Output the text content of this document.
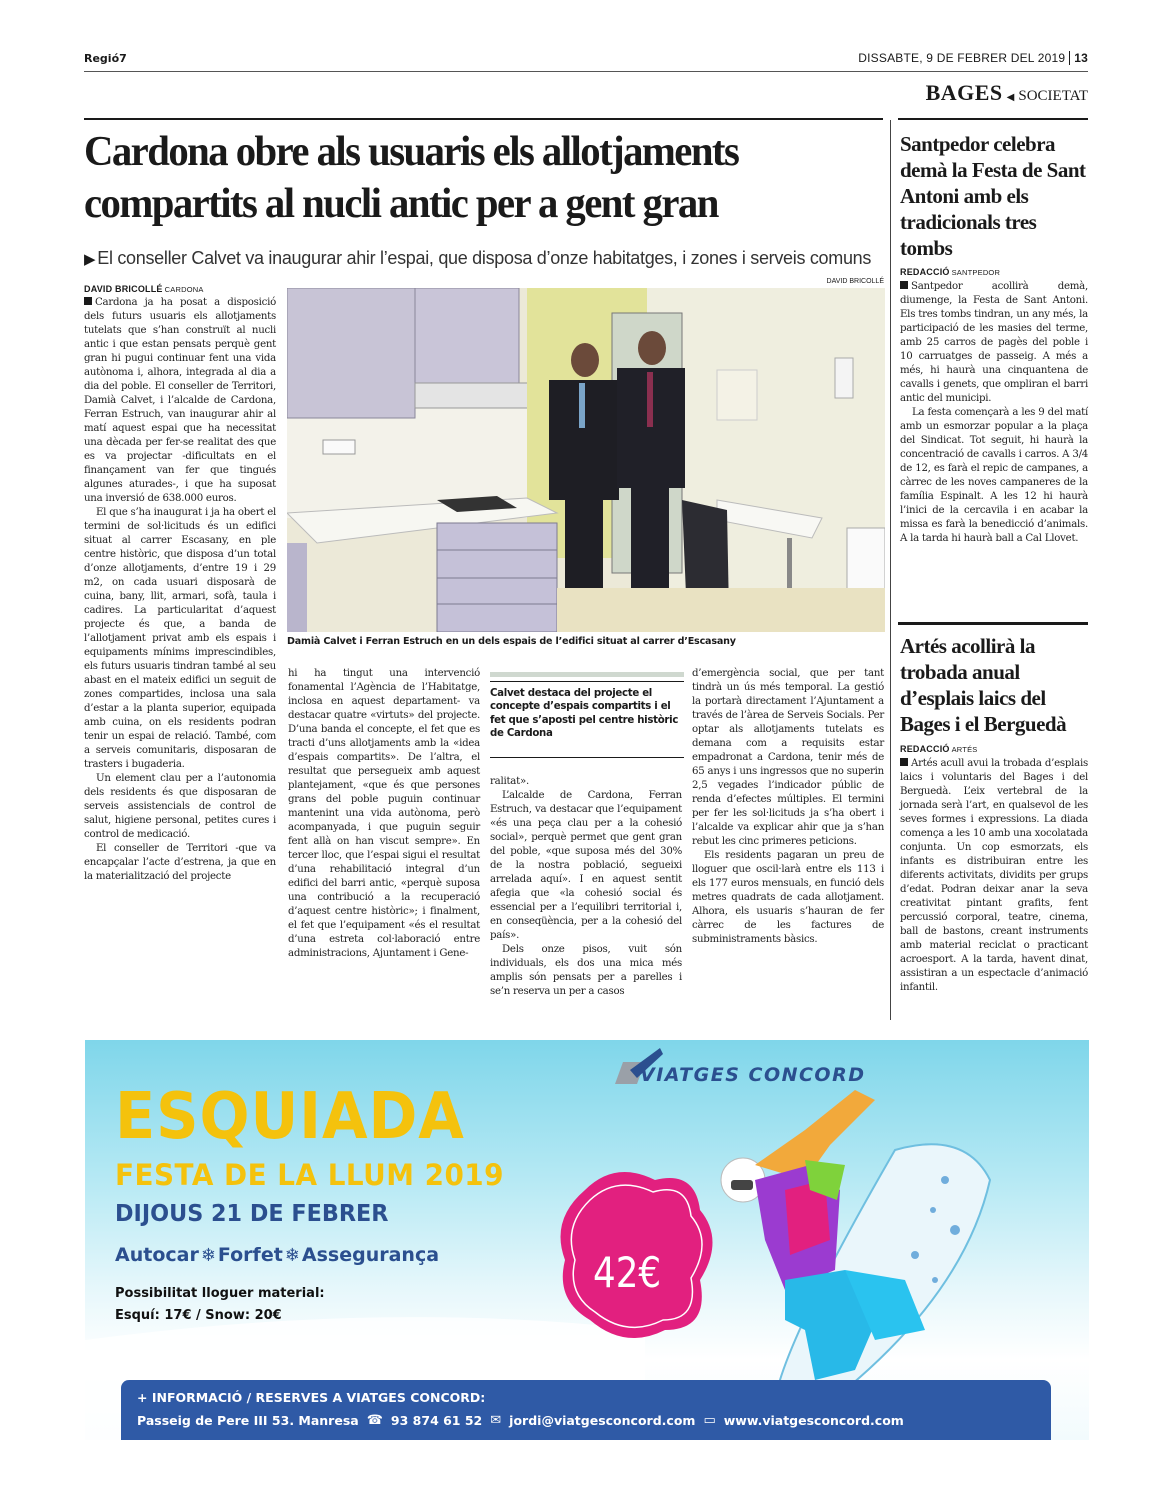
Regió7	DISSABTE, 9 DE FEBRER DEL 2019 13
BAGES ◀ SOCIETAT
Cardona obre als usuaris els allotjaments compartits al nucli antic per a gent gran
▶ El conseller Calvet va inaugurar ahir l’espai, que disposa d’onze habitatges, i zones i serveis comuns
DAVID BRICOLLÉ CARDONA

Cardona ja ha posat a disposició dels futurs usuaris els allotjaments tutelats que s’han construït al nucli antic i que estan pensats perquè gent gran hi pugui continuar fent una vida autònoma i, alhora, integrada al dia a dia del poble. El conseller de Territori, Damià Calvet, i l’alcalde de Cardona, Ferran Estruch, van inaugurar ahir al matí aquest espai que ha necessitat una dècada per fer-se realitat des que es va projectar -dificultats en el finançament van fer que tingués algunes aturades-, i que ha suposat una inversió de 638.000 euros.

El que s’ha inaugurat i ja ha obert el termini de sol·licituds és un edifici situat al carrer Escasany, en ple centre històric, que disposa d’un total d’onze allotjaments, d’entre 19 i 29 m2, on cada usuari disposarà de cuina, bany, llit, armari, sofà, taula i cadires. La particularitat d’aquest projecte és que, a banda de l’allotjament privat amb els espais i equipaments mínims imprescindibles, els futurs usuaris tindran també al seu abast en el mateix edifici un seguit de zones compartides, inclosa una sala d’estar a la planta superior, equipada amb cuina, on els residents podran tenir un espai de relació. També, com a serveis comunitaris, disposaran de trasters i bugaderia.

Un element clau per a l’autonomia dels residents és que disposaran de serveis assistencials de control de salut, higiene personal, petites cures i control de medicació.

El conseller de Territori -que va encapçalar l’acte d’estrena, ja que en la materialització del projecte

DAVID BRICOLLÉ
Damià Calvet i Ferran Estruch en un dels espais de l’edifici situat al carrer d’Escasany

hi ha tingut una intervenció fonamental l’Agència de l’Habitatge, inclosa en aquest departament- va destacar quatre «virtuts» del projecte. D’una banda el concepte, el fet que es tracti d’uns allotjaments amb la «idea d’espais compartits». De l’altra, el resultat que persegueix amb aquest plantejament, «que és que persones grans del poble puguin continuar mantenint una vida autònoma, però acompanyada, i que puguin seguir fent allà on han viscut sempre». En tercer lloc, que l’espai sigui el resultat d’una rehabilitació integral d’un edifici del barri antic, «perquè suposa una contribució a la recuperació d’aquest centre històric»; i finalment, el fet que l’equipament «és el resultat d’una estreta col·laboració entre administracions, Ajuntament i Gene-

Calvet destaca del projecte el concepte d’espais compartits i el fet que s’aposti pel centre històric de Cardona

ralitat».

L’alcalde de Cardona, Ferran Estruch, va destacar que l’equipament «és una peça clau per a la cohesió social», perquè permet que gent gran del poble, «que suposa més del 30% de la nostra població, segueixi arrelada aquí». I en aquest sentit afegia que «la cohesió social és essencial per a l’equilibri territorial i, en conseqüència, per a la cohesió del país».

Dels onze pisos, vuit són individuals, els dos una mica més amplis són pensats per a parelles i se’n reserva un per a casos

d’emergència social, que per tant tindrà un ús més temporal. La gestió la portarà directament l’Ajuntament a través de l’àrea de Serveis Socials. Per optar als allotjaments tutelats es demana com a requisits estar empadronat a Cardona, tenir més de 65 anys i uns ingressos que no superin 2,5 vegades l’indicador públic de renda d’efectes múltiples. El termini per fer les sol·licituds ja s’ha obert i l’alcalde va explicar ahir que ja s’han rebut les cinc primeres peticions.

Els residents pagaran un preu de lloguer que oscil·larà entre els 113 i els 177 euros mensuals, en funció dels metres quadrats de cada allotjament. Alhora, els usuaris s’hauran de fer càrrec de les factures de subministraments bàsics.

Santpedor celebra demà la Festa de Sant Antoni amb els tradicionals tres tombs
REDACCIÓ SANTPEDOR

Santpedor acollirà demà, diumenge, la Festa de Sant Antoni. Els tres tombs tindran, un any més, la participació de les masies del terme, amb 25 carros de pagès del poble i 10 carruatges de passeig. A més a més, hi haurà una cinquantena de cavalls i genets, que ompliran el barri antic del municipi.

La festa començarà a les 9 del matí amb un esmorzar popular a la plaça del Sindicat. Tot seguit, hi haurà la concentració de cavalls i carros. A 3/4 de 12, es farà el repic de campanes, a càrrec de les noves campaneres de la família Espinalt. A les 12 hi haurà l’inici de la cercavila i en acabar la missa es farà la benedicció d’animals. A la tarda hi haurà ball a Cal Llovet.

Artés acollirà la trobada anual d’esplais laics del Bages i el Berguedà
REDACCIÓ ARTÉS

Artés acull avui la trobada d’esplais laics i voluntaris del Bages i del Berguedà. L’eix vertebral de la jornada serà l’art, en qualsevol de les seves formes i expressions. La diada comença a les 10 amb una xocolatada conjunta. Un cop esmorzats, els infants es distribuiran entre les diferents activitats, dividits per grups d’edat. Podran deixar anar la seva creativitat pintant grafits, fent percussió corporal, teatre, cinema, ball de bastons, creant instruments amb material reciclat o practicant acroesport. A la tarda, havent dinat, assistiran a un espectacle d’animació infantil.

VIATGES CONCORD
ESQUIADA
FESTA DE LA LLUM 2019
DIJOUS 21 DE FEBRER
Autocar ❄ Forfet ❄ Assegurança
Possibilitat lloguer material:
Esquí: 17€ / Snow: 20€
42€
+ INFORMACIÓ / RESERVES A VIATGES CONCORD:
Passeig de Pere III 53. Manresa ☎ 93 874 61 52 ✉ jordi@viatgesconcord.com ▭ www.viatgesconcord.com
